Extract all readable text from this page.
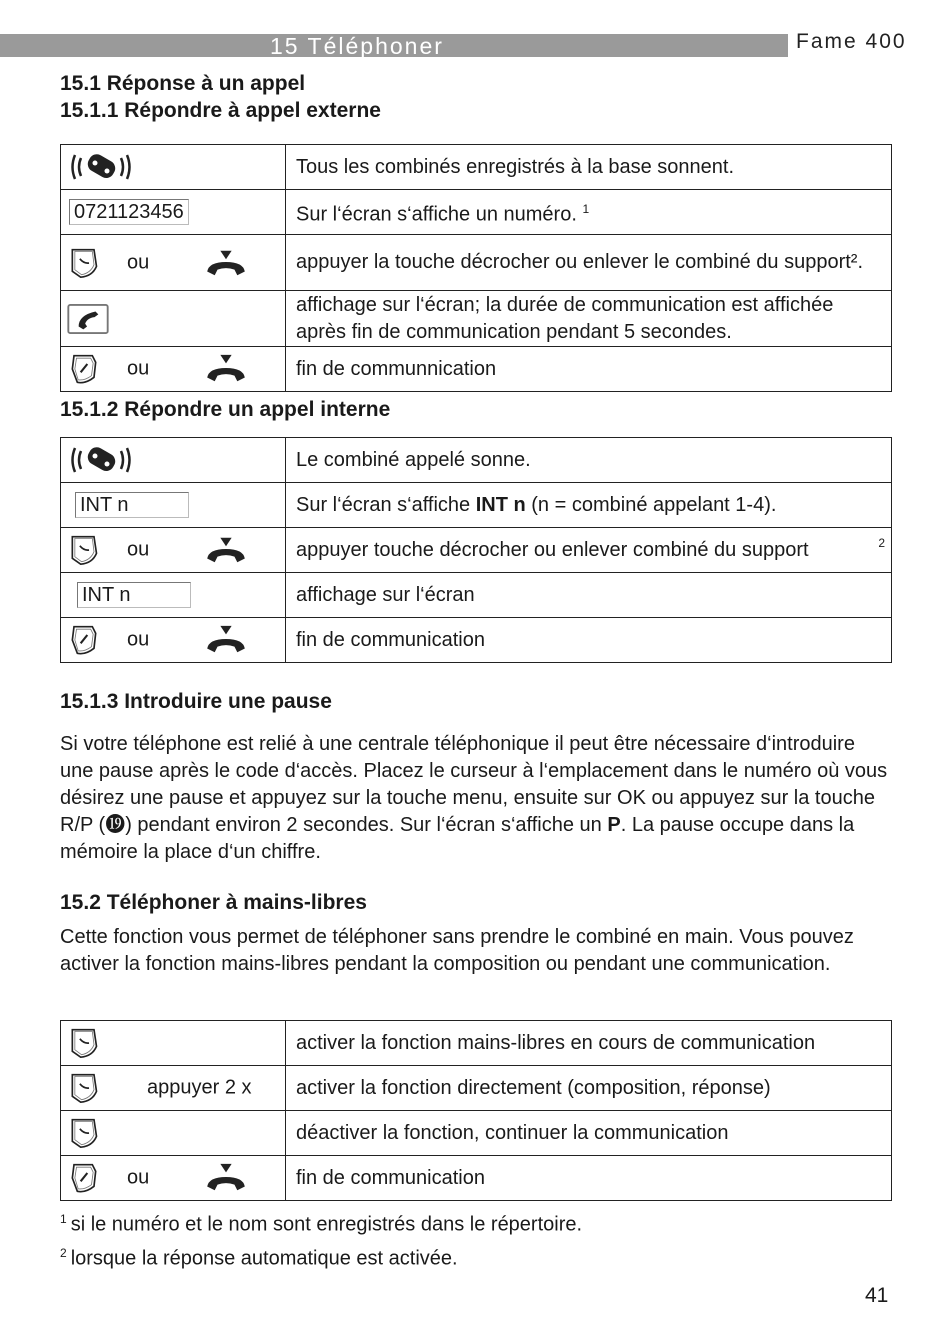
15 Téléphoner	Fame 400
15.1 Réponse à un appel
15.1.1 Répondre à appel externe
	Tous les combinés enregistrés à la base sonnent.
0721123456	Sur l‘écran s‘affiche un numéro. $^1$

ou	appuyer la touche décrocher ou enlever le combiné du support².

	affichage sur l‘écran; la durée de communication est affichée après fin de communication pendant 5 secondes.

ou	fin de communnication
15.1.2 Répondre un appel interne
	Le combiné appelé sonne.
INT n	Sur l‘écran s‘affiche INT n (n = combiné appelant 1-4).

ou	appuyer touche décrocher ou enlever combiné du support 2

INT n	affichage sur l‘écran

ou	fin de communication
15.1.3 Introduire une pause

Si votre téléphone est relié à une centrale téléphonique il peut être nécessaire d‘introduire une pause après le code d‘accès. Placez le curseur à l‘emplacement dans le numéro où vous désirez une pause et appuyez sur la touche menu, ensuite sur OK ou appuyez sur la touche R/P (⓳) pendant environ 2 secondes. Sur l‘écran s‘affiche un P. La pause occupe dans la mémoire la place d‘un chiffre.

15.2 Téléphoner à mains-libres

Cette fonction vous permet de téléphoner sans prendre le combiné en main. Vous pouvez activer la fonction mains-libres pendant la composition ou pendant une communication.

	activer la fonction mains-libres en cours de communication

appuyer 2 x	activer la fonction directement (composition, réponse)

	déactiver la fonction, continuer la communication

ou	fin de communication
$^1$ si le numéro et le nom sont enregistrés dans le répertoire.
$^2$ lorsque la réponse automatique est activée.
41
